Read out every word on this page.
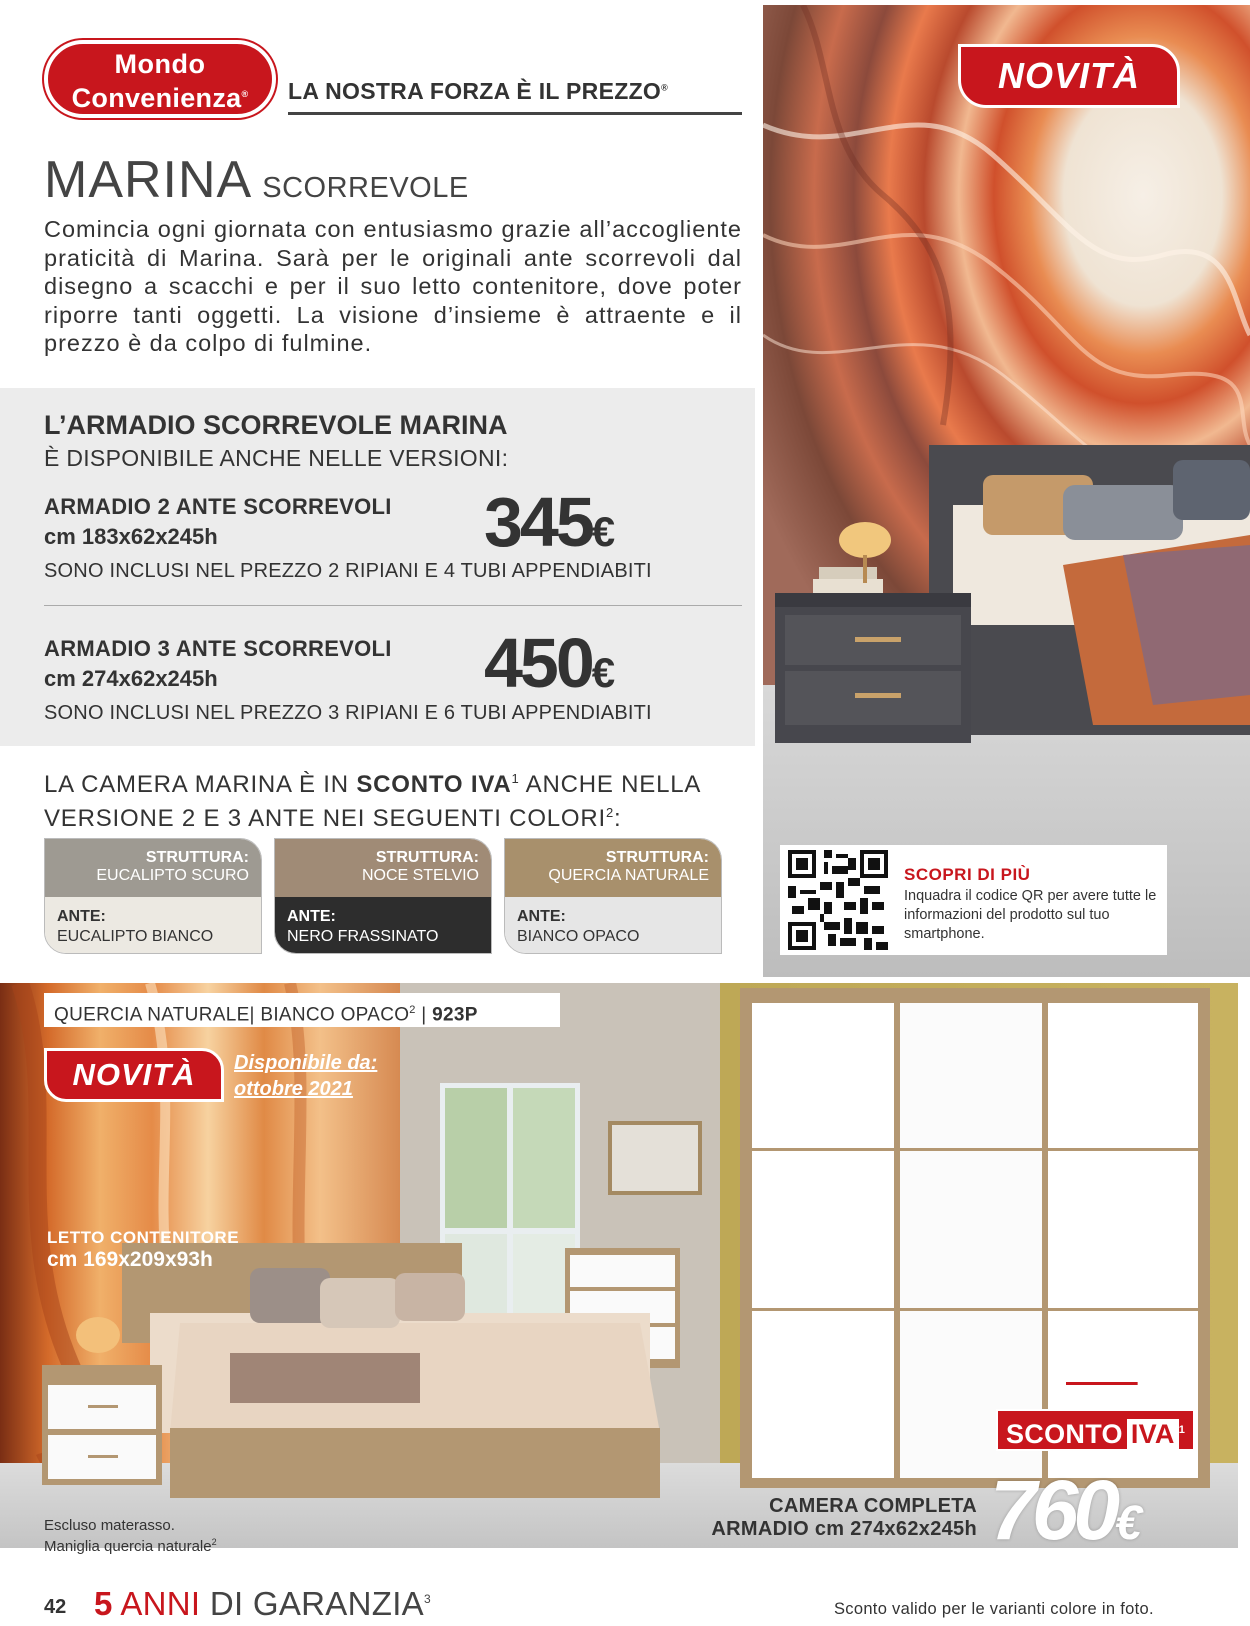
Mondo
Convenienza®	LA NOSTRA FORZA È IL PREZZO®
MARINA SCORREVOLE

Comincia ogni giornata con entusiasmo grazie all’accogliente praticità di Marina. Sarà per le originali ante scorrevoli dal disegno a scacchi e per il suo letto contenitore, dove poter riporre tanti oggetti. La visione d’insieme è attraente e il prezzo è da colpo di fulmine.

L’ARMADIO SCORREVOLE MARINA
È DISPONIBILE ANCHE NELLE VERSIONI:
ARMADIO 2 ANTE SCORREVOLI
cm 183x62x245h	345€
SONO INCLUSI NEL PREZZO 2 RIPIANI E 4 TUBI APPENDIABITI
ARMADIO 3 ANTE SCORREVOLI
cm 274x62x245h	450€
SONO INCLUSI NEL PREZZO 3 RIPIANI E 6 TUBI APPENDIABITI

LA CAMERA MARINA È IN SCONTO IVA$^1$ ANCHE NELLA VERSIONE 2 E 3 ANTE NEI SEGUENTI COLORI$^2$:

STRUTTURA:
EUCALIPTO SCURO
ANTE:
EUCALIPTO BIANCO
STRUTTURA:
NOCE STELVIO
ANTE:
NERO FRASSINATO
STRUTTURA:
QUERCIA NATURALE
ANTE:
BIANCO OPACO
NOVITÀ
SCOPRI DI PIÙ
Inquadra il codice QR per avere tutte le informazioni del prodotto sul tuo smartphone.
QUERCIA NATURALE| BIANCO OPACO$^2$ | 923P
NOVITÀ	Disponibile da:
ottobre 2021
LETTO CONTENITORE
cm 169x209x93h
Escluso materasso.
Maniglia quercia naturale$^2$
928€
SCONTO IVA $^1$
CAMERA COMPLETA
ARMADIO cm 274x62x245h 760€
42 5 ANNI DI GARANZIA$^3$
Sconto valido per le varianti colore in foto.
